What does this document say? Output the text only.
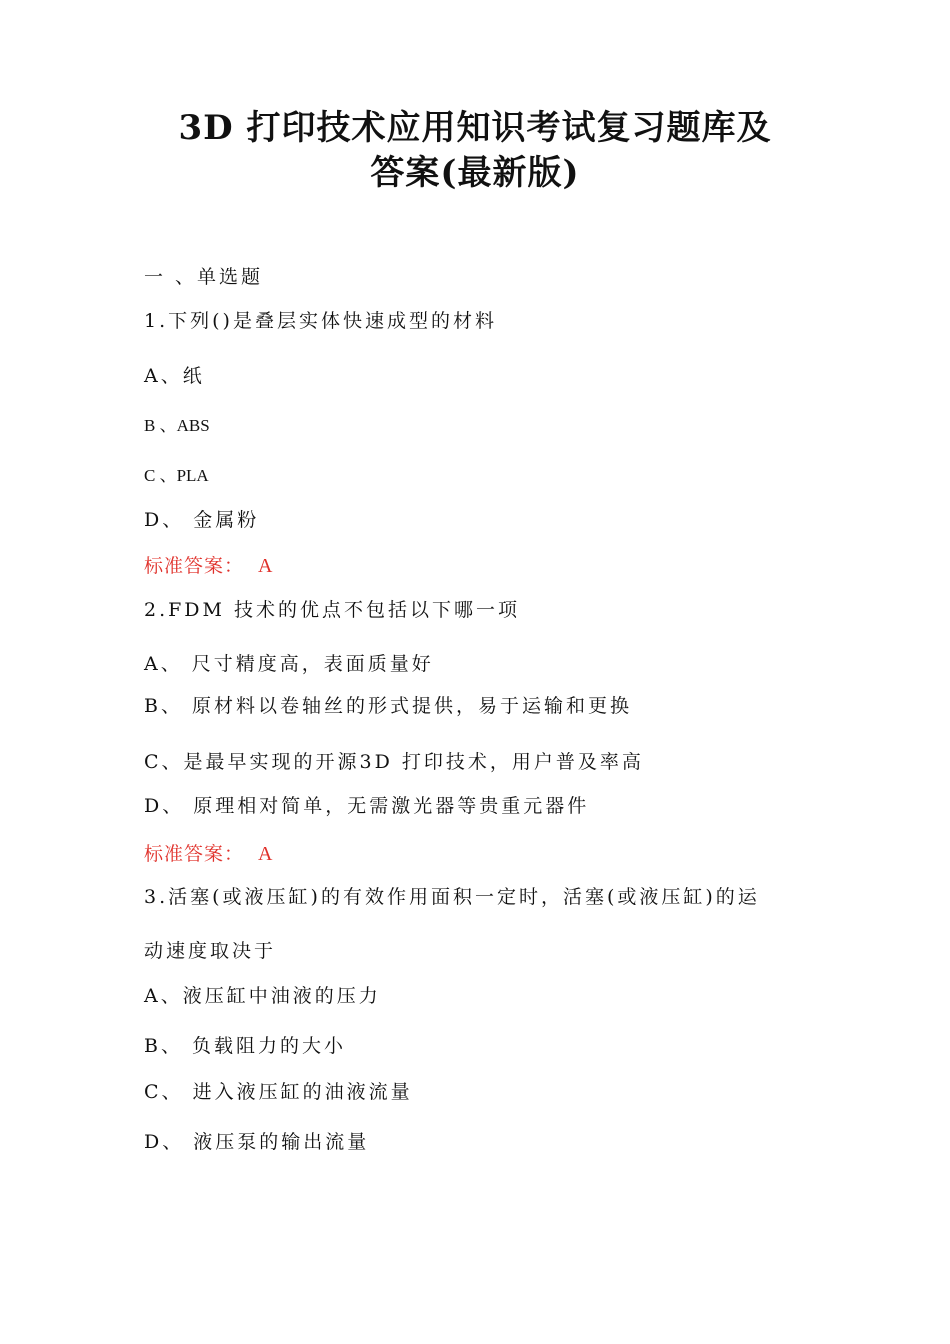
3D 打印技术应用知识考试复习题库及
答案(最新版)
一 、单选题
1.下列()是叠层实体快速成型的材料
A、纸
B 、ABS
C 、PLA
D、 金属粉
标准答案： A
2.FDM 技术的优点不包括以下哪一项
A、 尺寸精度高，表面质量好
B、 原材料以卷轴丝的形式提供，易于运输和更换
C、是最早实现的开源3D 打印技术，用户普及率高
D、 原理相对简单，无需激光器等贵重元器件
标准答案： A
3.活塞(或液压缸)的有效作用面积一定时，活塞(或液压缸)的运
动速度取决于
A、液压缸中油液的压力
B、 负载阻力的大小
C、 进入液压缸的油液流量
D、 液压泵的输出流量
